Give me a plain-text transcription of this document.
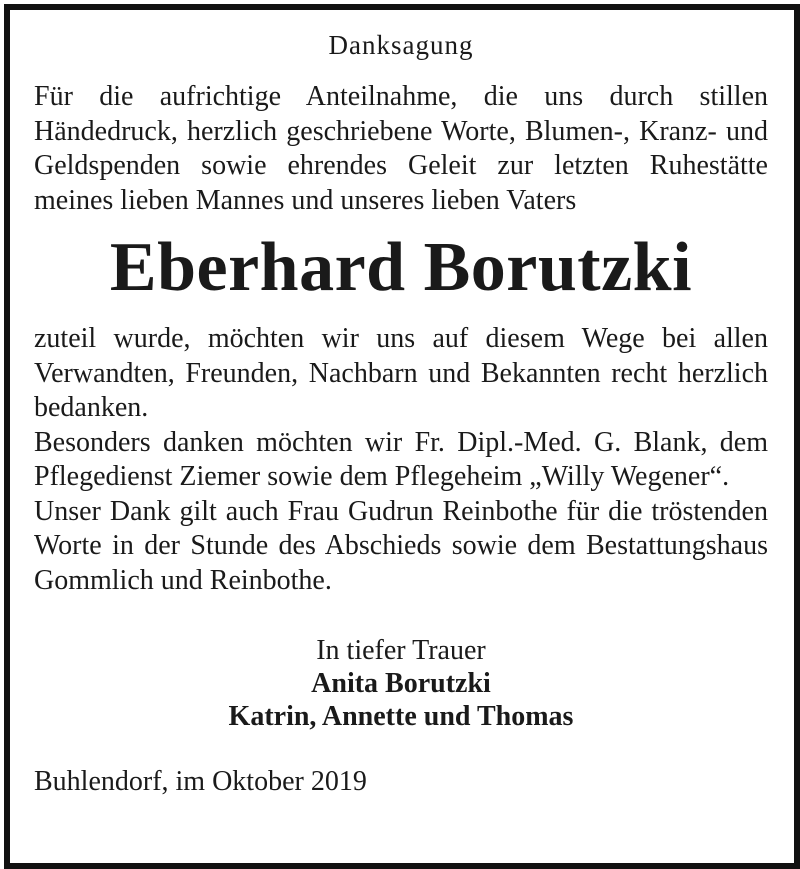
Danksagung

Für die aufrichtige Anteilnahme, die uns durch stillen Händedruck, herzlich geschriebene Worte, Blumen-, Kranz- und Geldspenden sowie ehrendes Geleit zur letzten Ruhestätte meines lieben Mannes und unseres lieben Vaters

Eberhard Borutzki

zuteil wurde, möchten wir uns auf diesem Wege bei allen Verwandten, Freunden, Nachbarn und Bekannten recht herzlich bedanken.

Besonders danken möchten wir Fr. Dipl.-Med. G. Blank, dem Pflegedienst Ziemer sowie dem Pflegeheim „Willy Wegener“.

Unser Dank gilt auch Frau Gudrun Reinbothe für die tröstenden Worte in der Stunde des Abschieds sowie dem Bestattungshaus Gommlich und Reinbothe.

In tiefer Trauer
Anita Borutzki
Katrin, Annette und Thomas
Buhlendorf, im Oktober 2019
